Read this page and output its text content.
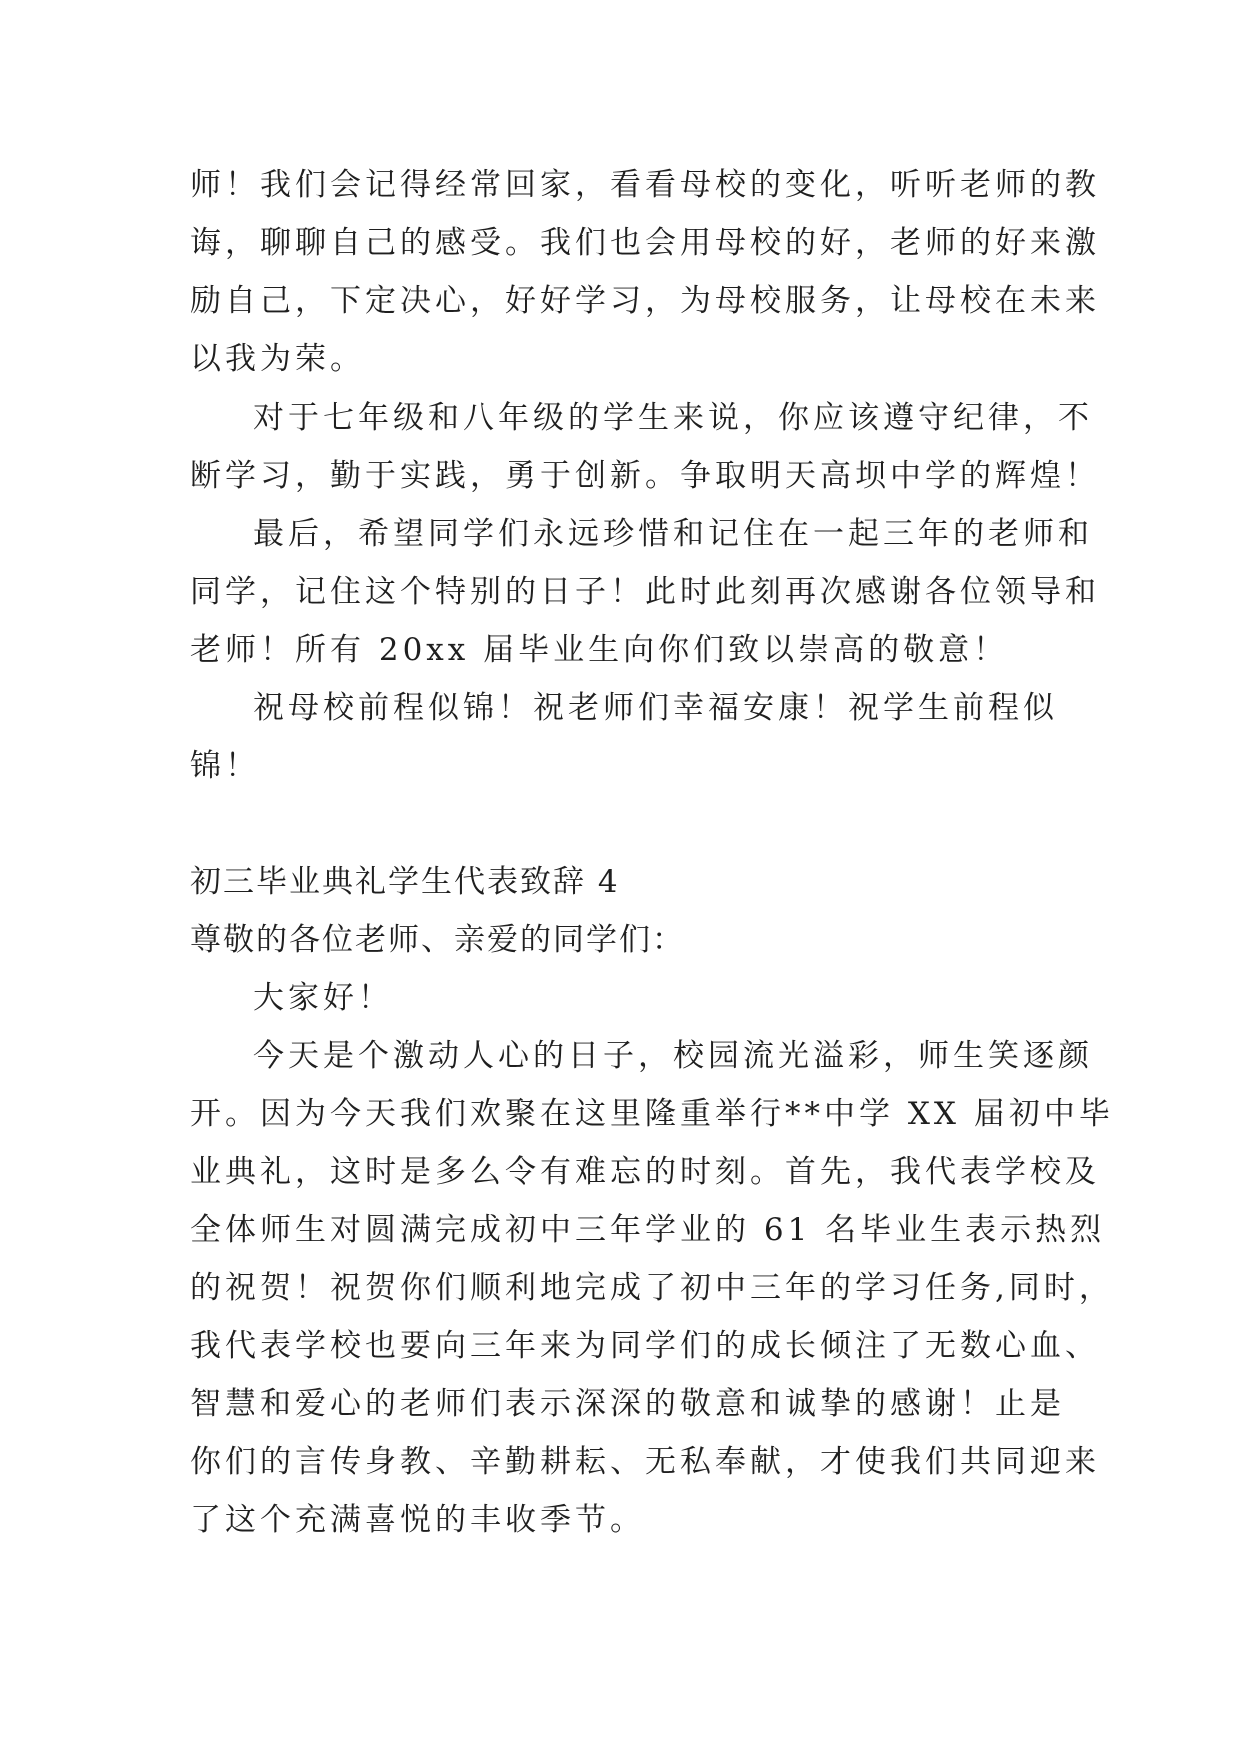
师！我们会记得经常回家，看看母校的变化，听听老师的教
诲，聊聊自己的感受。我们也会用母校的好，老师的好来激
励自己，下定决心，好好学习，为母校服务，让母校在未来
以我为荣。
对于七年级和八年级的学生来说，你应该遵守纪律，不
断学习，勤于实践，勇于创新。争取明天高坝中学的辉煌！
最后，希望同学们永远珍惜和记住在一起三年的老师和
同学，记住这个特别的日子！此时此刻再次感谢各位领导和
老师！所有 20xx 届毕业生向你们致以崇高的敬意！
祝母校前程似锦！祝老师们幸福安康！祝学生前程似
锦！
初三毕业典礼学生代表致辞 4
尊敬的各位老师、亲爱的同学们：
大家好！
今天是个激动人心的日子，校园流光溢彩，师生笑逐颜
开。因为今天我们欢聚在这里隆重举行**中学 XX 届初中毕
业典礼，这时是多么令有难忘的时刻。首先，我代表学校及
全体师生对圆满完成初中三年学业的 61 名毕业生表示热烈
的祝贺！祝贺你们顺利地完成了初中三年的学习任务,同时，
我代表学校也要向三年来为同学们的成长倾注了无数心血、
智慧和爱心的老师们表示深深的敬意和诚挚的感谢！止是
你们的言传身教、辛勤耕耘、无私奉献，才使我们共同迎来
了这个充满喜悦的丰收季节。
